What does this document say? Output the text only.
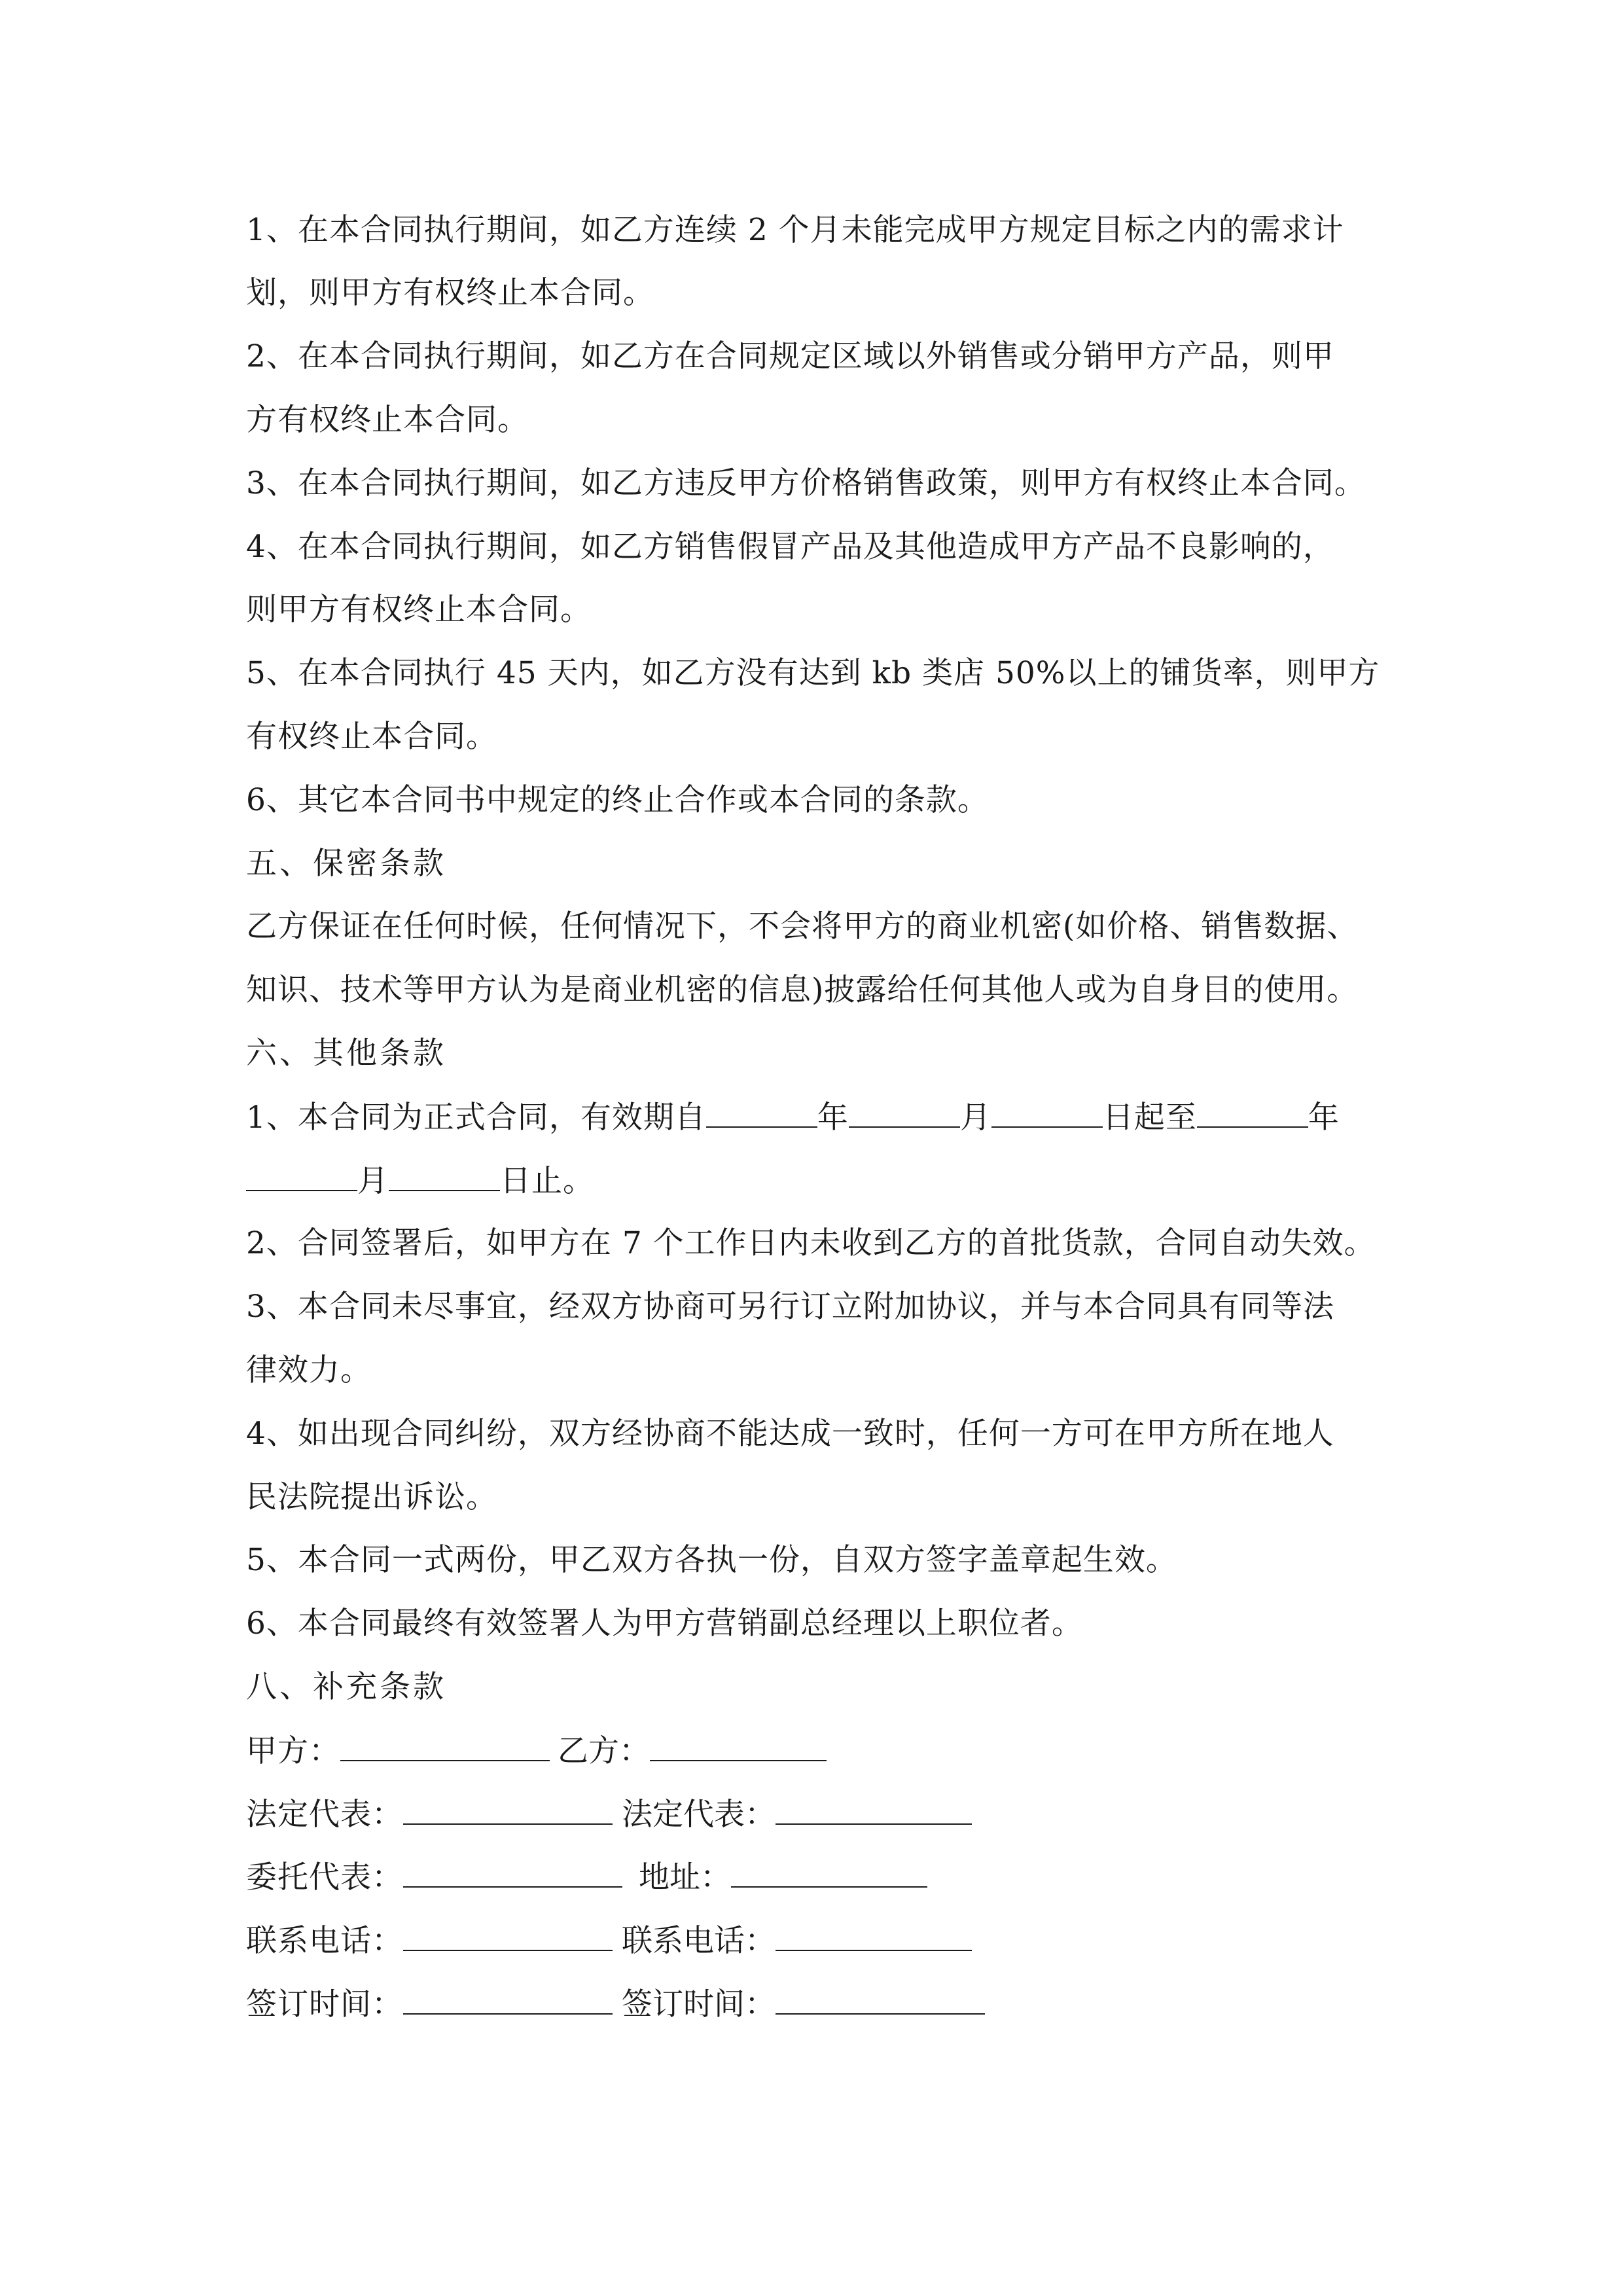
1、在本合同执行期间，如乙方连续 2 个月未能完成甲方规定目标之内的需求计
划，则甲方有权终止本合同。
2、在本合同执行期间，如乙方在合同规定区域以外销售或分销甲方产品，则甲
方有权终止本合同。
3、在本合同执行期间，如乙方违反甲方价格销售政策，则甲方有权终止本合同。
4、在本合同执行期间，如乙方销售假冒产品及其他造成甲方产品不良影响的，
则甲方有权终止本合同。
5、在本合同执行 45 天内，如乙方没有达到 kb 类店 50%以上的铺货率，则甲方
有权终止本合同。
6、其它本合同书中规定的终止合作或本合同的条款。
五、保密条款
乙方保证在任何时候，任何情况下，不会将甲方的商业机密(如价格、销售数据、
知识、技术等甲方认为是商业机密的信息)披露给任何其他人或为自身目的使用。
六、其他条款
1、本合同为正式合同，有效期自	年	月	日起至	年
月	日止。
2、合同签署后，如甲方在 7 个工作日内未收到乙方的首批货款，合同自动失效。
3、本合同未尽事宜，经双方协商可另行订立附加协议，并与本合同具有同等法
律效力。
4、如出现合同纠纷，双方经协商不能达成一致时，任何一方可在甲方所在地人
民法院提出诉讼。
5、本合同一式两份，甲乙双方各执一份，自双方签字盖章起生效。
6、本合同最终有效签署人为甲方营销副总经理以上职位者。
八、补充条款
甲方：	乙方：
法定代表：	法定代表：
委托代表：	地址：
联系电话：	联系电话：
签订时间：	签订时间：
